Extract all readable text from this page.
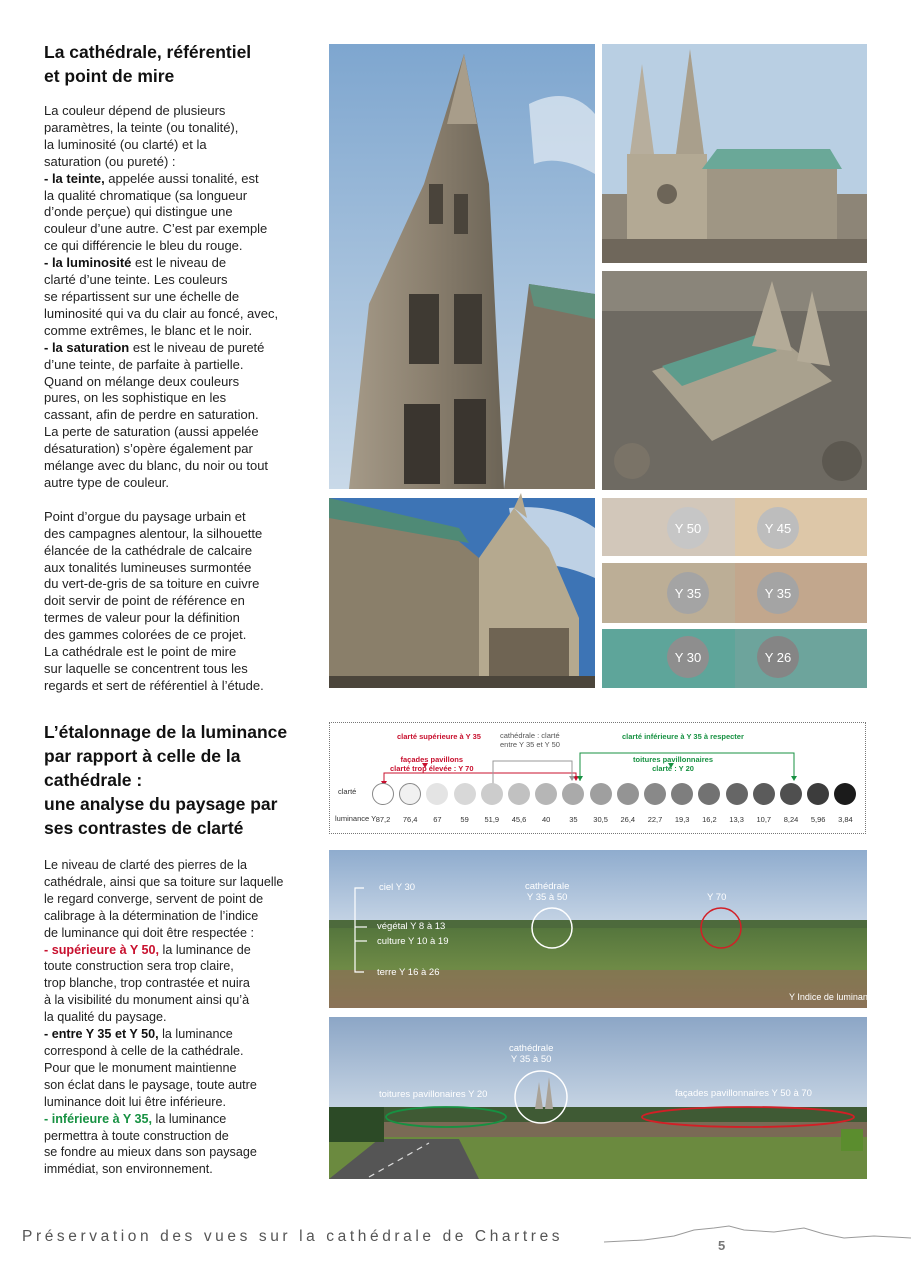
La cathédrale, référentiel
et point de mire

La couleur dépend de plusieurs
paramètres, la teinte (ou tonalité),
la luminosité (ou clarté) et la
saturation (ou pureté) :
- la teinte, appelée aussi tonalité, est
la qualité chromatique (sa longueur
d’onde perçue) qui distingue une
couleur d’une autre. C’est par exemple
ce qui différencie le bleu du rouge.
- la luminosité est le niveau de
clarté d’une teinte. Les couleurs
se répartissent sur une échelle de
luminosité qui va du clair au foncé, avec,
comme extrêmes, le blanc et le noir.
- la saturation est le niveau de pureté
d’une teinte, de parfaite à partielle.
Quand on mélange deux couleurs
pures, on les sophistique en les
cassant, afin de perdre en saturation.
La perte de saturation (aussi appelée
désaturation) s’opère également par
mélange avec du blanc, du noir ou tout
autre type de couleur.

Point d’orgue du paysage urbain et
des campagnes alentour, la silhouette
élancée de la cathédrale de calcaire
aux tonalités lumineuses surmontée
du vert-de-gris de sa toiture en cuivre
doit servir de point de référence en
termes de valeur pour la définition
des gammes colorées de ce projet.
La cathédrale est le point de mire
sur laquelle se concentrent tous les
regards et sert de référentiel à l’étude.

Y 50	Y 45
Y 35	Y 35
Y 30	Y 26
L’étalonnage de la luminance
par rapport à celle de la
cathédrale :
une analyse du paysage par
ses contrastes de clarté

Le niveau de clarté des pierres de la
cathédrale, ainsi que sa toiture sur laquelle
le regard converge, servent de point de
calibrage à la détermination de l’indice
de luminance qui doit être respectée :
- supérieure à Y 50, la luminance de
toute construction sera trop claire,
trop blanche, trop contrastée et nuira
à la visibilité du monument ainsi qu’à
la qualité du paysage.
- entre Y 35 et Y 50, la luminance
correspond à celle de la cathédrale.
Pour que le monument maintienne
son éclat dans le paysage, toute autre
luminance doit lui être inférieure.
- inférieure à Y 35, la luminance
permettra à toute construction de
se fondre au mieux dans son paysage
immédiat, son environnement.

clarté supérieure à Y 35	cathédrale : clarté
entre Y 35 et Y 50
clarté inférieure à Y 35 à respecter
façades pavillons
clarté trop élevée : Y 70
toitures pavillonnaires
clarté : Y 20
clarté
luminance Y 87,2	76,4	67	59	51,9	45,6	40	35	30,5	26,4	22,7	19,3	16,2	13,3	10,7	8,24	5,96	3,84
ciel Y 30
végétal Y 8 à 13
culture Y 10 à 19
terre Y 16 à 26
cathédrale
Y 35 à 50	Y 70
Y Indice de luminance
cathédrale
Y 35 à 50
toitures pavillonaires Y 20	façades pavillonnaires Y 50 à 70
Préservation des vues sur la cathédrale de Chartres
5
